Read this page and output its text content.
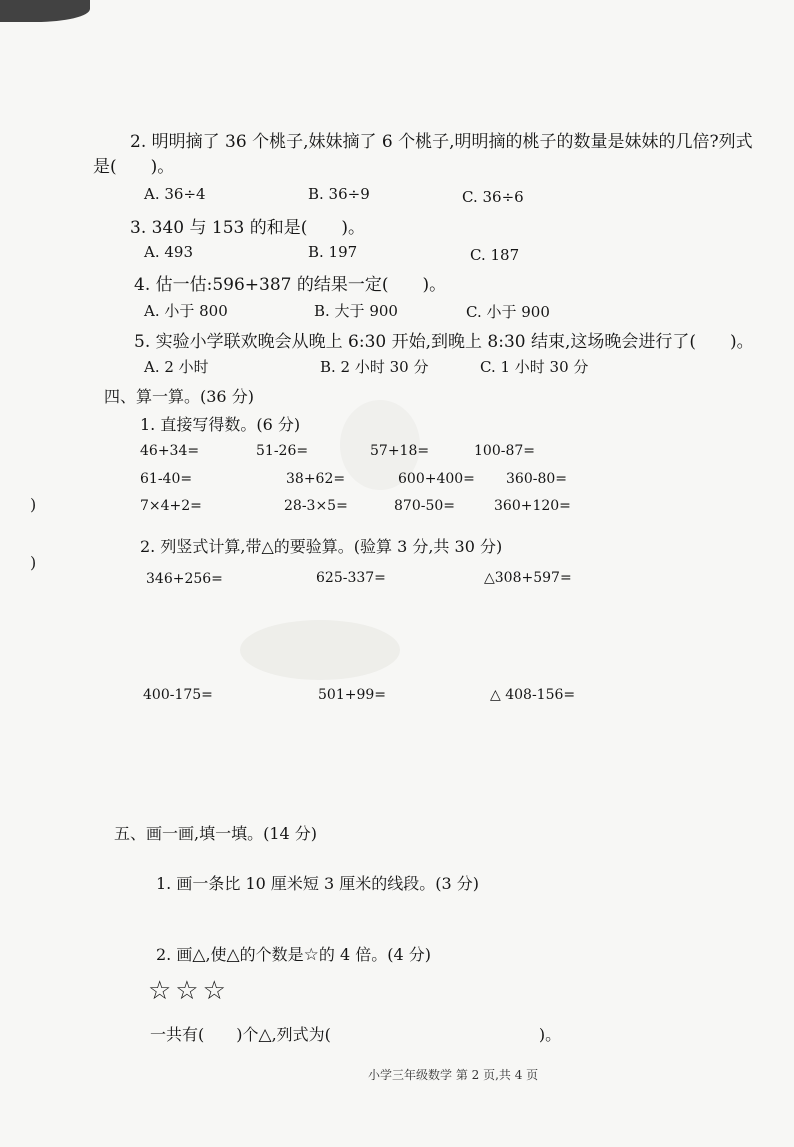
2. 明明摘了 36 个桃子,妹妹摘了 6 个桃子,明明摘的桃子的数量是妹妹的几倍?列式
是(　　)。
A. 36÷4	B. 36÷9	C. 36÷6
3. 340 与 153 的和是(　　)。
A. 493	B. 197	C. 187
4. 估一估:596+387 的结果一定(　　)。
A. 小于 800	B. 大于 900	C. 小于 900
5. 实验小学联欢晚会从晚上 6:30 开始,到晚上 8:30 结束,这场晚会进行了(　　)。
A. 2 小时	B. 2 小时 30 分	C. 1 小时 30 分
四、算一算。(36 分)
1. 直接写得数。(6 分)
46+34=	51-26=	57+18=	100-87=
61-40=	38+62=	600+400= 360-80=
7×4+2=	28-3×5=	870-50=	360+120=
)
)
2. 列竖式计算,带△的要验算。(验算 3 分,共 30 分)
346+256=	625-337=	△308+597=
400-175=	501+99=	△ 408-156=
五、画一画,填一填。(14 分)
1. 画一条比 10 厘米短 3 厘米的线段。(3 分)
2. 画△,使△的个数是☆的 4 倍。(4 分)
☆☆☆
一共有(　　)个△,列式为(　　　　　　　　　　　　　)。
小学三年级数学 第 2 页,共 4 页
